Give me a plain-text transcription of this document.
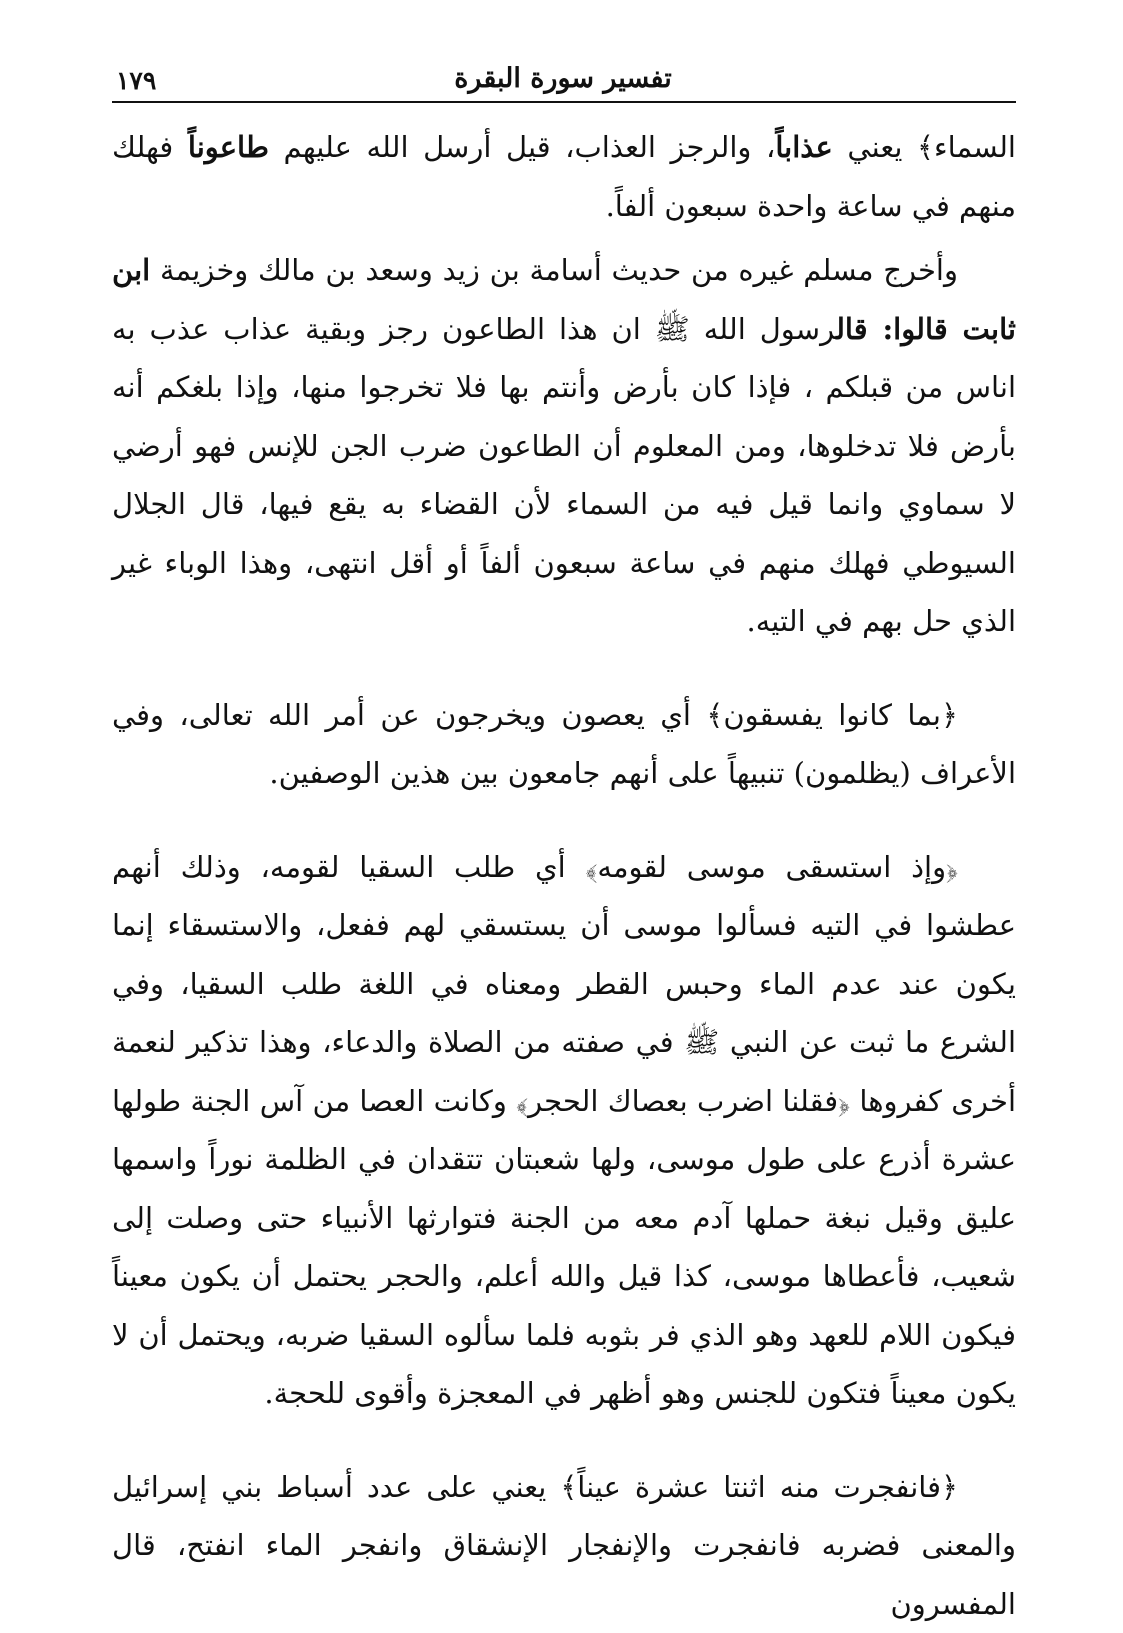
تفسير سورة البقرة
١٧٩

السماء﴾ يعني عذاباً، والرجز العذاب، قيل أرسل الله عليهم طاعوناً فهلك منهم في ساعة واحدة سبعون ألفاً.

وأخرج مسلم غيره من حديث أسامة بن زيد وسعد بن مالك وخزيمة ابن ثابت قالوا: قالرسول الله ﷺ ان هذا الطاعون رجز وبقية عذاب عذب به اناس من قبلكم ، فإذا كان بأرض وأنتم بها فلا تخرجوا منها، وإذا بلغكم أنه بأرض فلا تدخلوها، ومن المعلوم أن الطاعون ضرب الجن للإنس فهو أرضي لا سماوي وانما قيل فيه من السماء لأن القضاء به يقع فيها، قال الجلال السيوطي فهلك منهم في ساعة سبعون ألفاً أو أقل انتهى، وهذا الوباء غير الذي حل بهم في التيه.

﴿بما كانوا يفسقون﴾ أي يعصون ويخرجون عن أمر الله تعالى، وفي الأعراف (يظلمون) تنبيهاً على أنهم جامعون بين هذين الوصفين.

﴿وإذ استسقى موسى لقومه﴾ أي طلب السقيا لقومه، وذلك أنهم عطشوا في التيه فسألوا موسى أن يستسقي لهم ففعل، والاستسقاء إنما يكون عند عدم الماء وحبس القطر ومعناه في اللغة طلب السقيا، وفي الشرع ما ثبت عن النبي ﷺ في صفته من الصلاة والدعاء، وهذا تذكير لنعمة أخرى كفروها ﴿فقلنا اضرب بعصاك الحجر﴾ وكانت العصا من آس الجنة طولها عشرة أذرع على طول موسى، ولها شعبتان تتقدان في الظلمة نوراً واسمها عليق وقيل نبغة حملها آدم معه من الجنة فتوارثها الأنبياء حتى وصلت إلى شعيب، فأعطاها موسى، كذا قيل والله أعلم، والحجر يحتمل أن يكون معيناً فيكون اللام للعهد وهو الذي فر بثوبه فلما سألوه السقيا ضربه، ويحتمل أن لا يكون معيناً فتكون للجنس وهو أظهر في المعجزة وأقوى للحجة.

﴿فانفجرت منه اثنتا عشرة عيناً﴾ يعني على عدد أسباط بني إسرائيل والمعنى فضربه فانفجرت والإنفجار الإنشقاق وانفجر الماء انفتح، قال المفسرون
